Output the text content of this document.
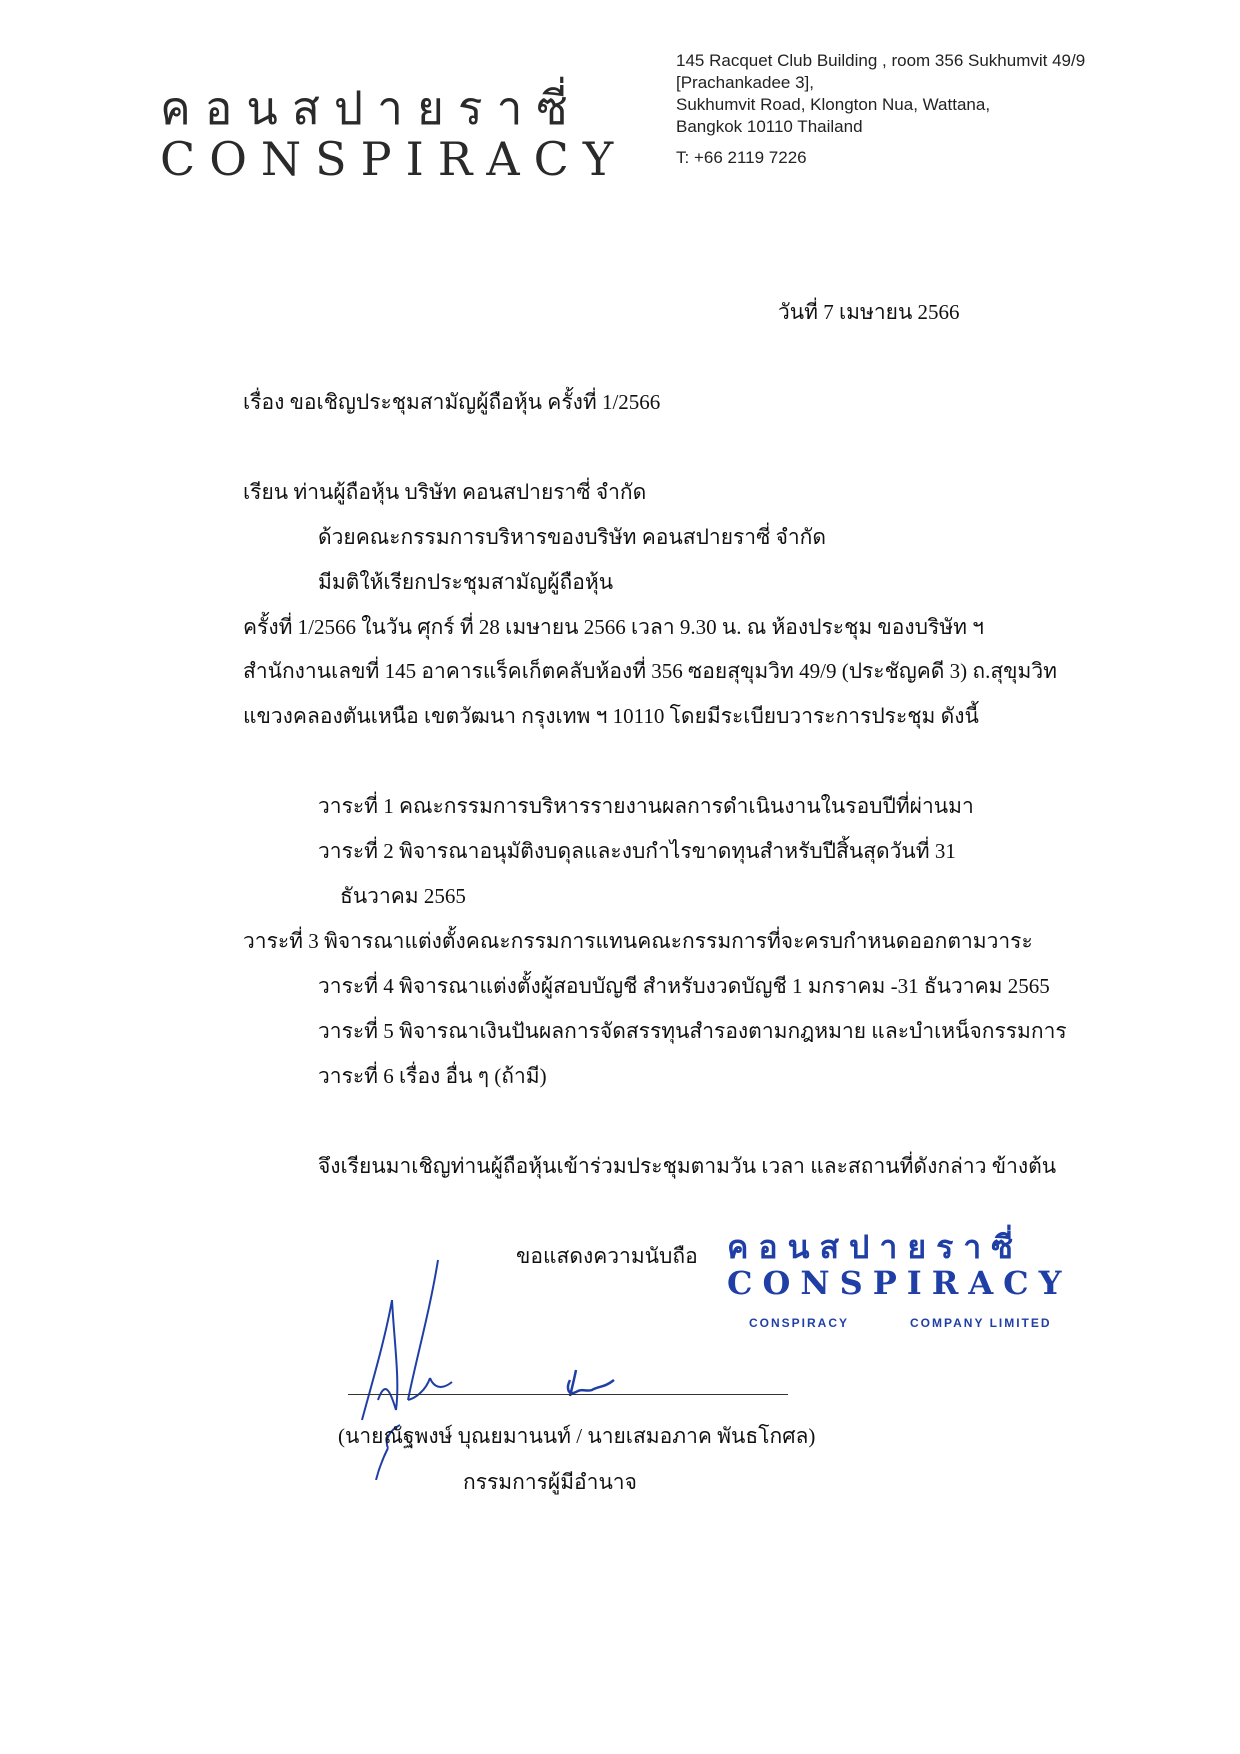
คอนสปายราซี่
CONSPIRACY
145 Racquet Club Building , room 356 Sukhumvit 49/9
[Prachankadee 3],
Sukhumvit Road, Klongton Nua, Wattana,
Bangkok 10110 Thailand
T: +66 2119 7226
วันที่ 7 เมษายน 2566
เรื่อง ขอเชิญประชุมสามัญผู้ถือหุ้น ครั้งที่ 1/2566
เรียน ท่านผู้ถือหุ้น บริษัท คอนสปายราซี่ จำกัด
ด้วยคณะกรรมการบริหารของบริษัท คอนสปายราซี่ จำกัด
มีมติให้เรียกประชุมสามัญผู้ถือหุ้น
ครั้งที่ 1/2566 ในวัน ศุกร์ ที่ 28 เมษายน 2566 เวลา 9.30 น. ณ ห้องประชุม ของบริษัท ฯ
สำนักงานเลขที่ 145 อาคารแร็คเก็ตคลับห้องที่ 356 ซอยสุขุมวิท 49/9 (ประชัญคดี 3) ถ.สุขุมวิท
แขวงคลองตันเหนือ เขตวัฒนา กรุงเทพ ฯ 10110 โดยมีระเบียบวาระการประชุม ดังนี้
วาระที่ 1 คณะกรรมการบริหารรายงานผลการดำเนินงานในรอบปีที่ผ่านมา
วาระที่ 2 พิจารณาอนุมัติงบดุลและงบกำไรขาดทุนสำหรับปีสิ้นสุดวันที่ 31
ธันวาคม 2565
วาระที่ 3 พิจารณาแต่งตั้งคณะกรรมการแทนคณะกรรมการที่จะครบกำหนดออกตามวาระ
วาระที่ 4 พิจารณาแต่งตั้งผู้สอบบัญชี สำหรับงวดบัญชี 1 มกราคม -31 ธันวาคม 2565
วาระที่ 5 พิจารณาเงินปันผลการจัดสรรทุนสำรองตามกฎหมาย และบำเหน็จกรรมการ
วาระที่ 6 เรื่อง อื่น ๆ (ถ้ามี)
จึงเรียนมาเชิญท่านผู้ถือหุ้นเข้าร่วมประชุมตามวัน เวลา และสถานที่ดังกล่าว ข้างต้น
ขอแสดงความนับถือ คอนสปายราซี่
CONSPIRACY
CONSPIRACY	COMPANY LIMITED
(นายณัฐพงษ์ บุณยมานนท์ / นายเสมอภาค พันธโกศล)
กรรมการผู้มีอำนาจ
